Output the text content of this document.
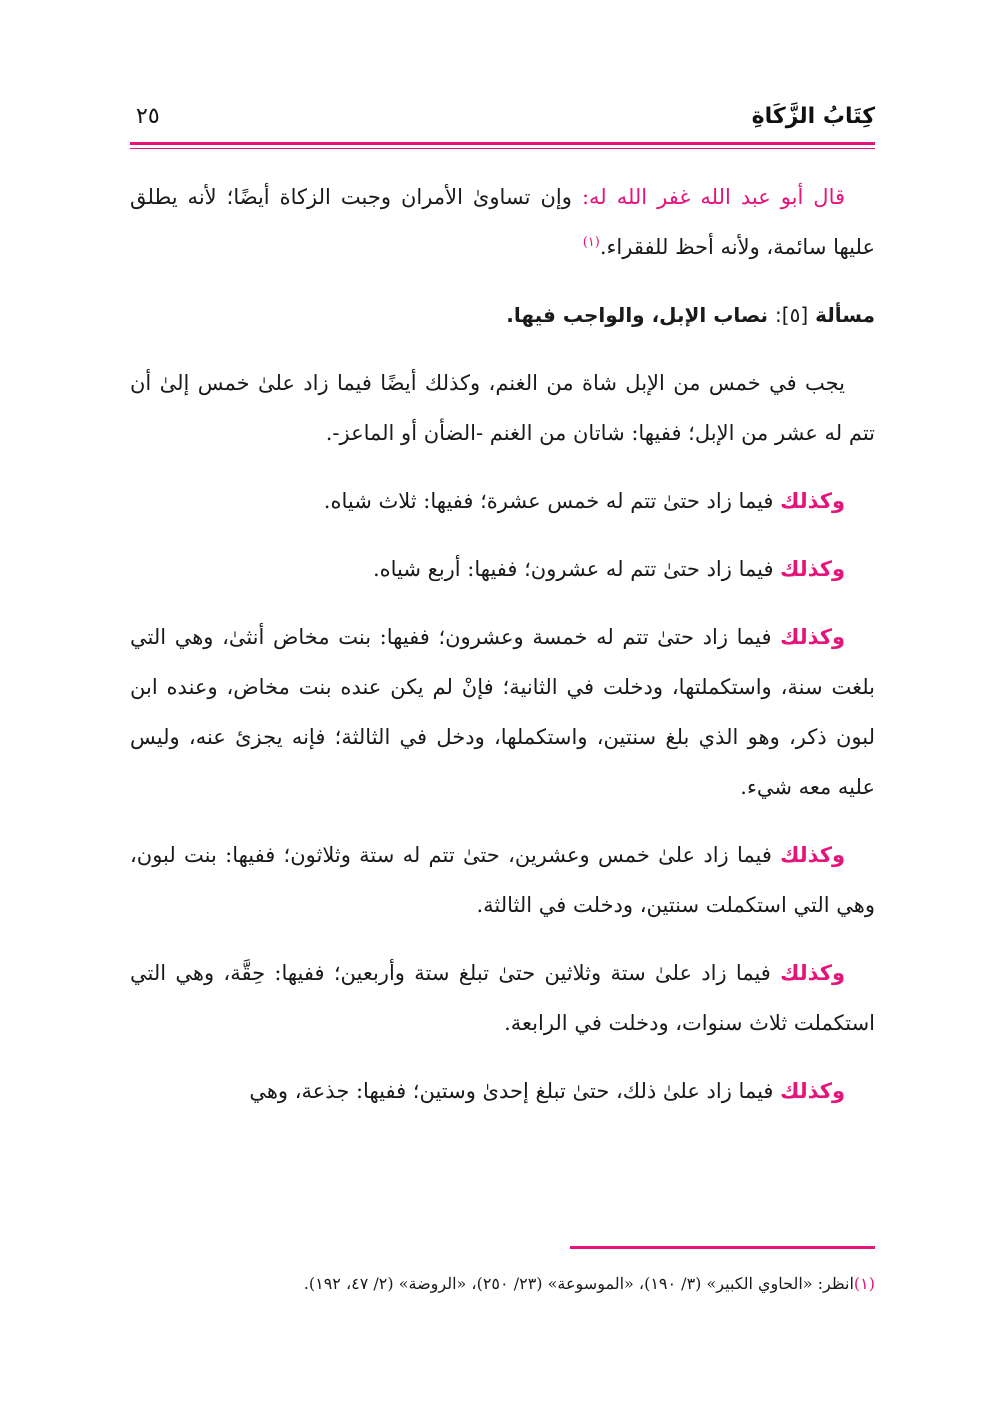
كِتَابُ الزَّكَاةِ
٢٥

قال أبو عبد الله غفر الله له: وإن تساوىٰ الأمران وجبت الزكاة أيضًا؛ لأنه يطلق عليها سائمة، ولأنه أحظ للفقراء.$^{(١)}$

مسألة [٥]: نصاب الإبل، والواجب فيها.

يجب في خمس من الإبل شاة من الغنم، وكذلك أيضًا فيما زاد علىٰ خمس إلىٰ أن تتم له عشر من الإبل؛ ففيها: شاتان من الغنم -الضأن أو الماعز-.

وكذلك فيما زاد حتىٰ تتم له خمس عشرة؛ ففيها: ثلاث شياه.

وكذلك فيما زاد حتىٰ تتم له عشرون؛ ففيها: أربع شياه.

وكذلك فيما زاد حتىٰ تتم له خمسة وعشرون؛ ففيها: بنت مخاض أنثىٰ، وهي التي بلغت سنة، واستكملتها، ودخلت في الثانية؛ فإنْ لم يكن عنده بنت مخاض، وعنده ابن لبون ذكر، وهو الذي بلغ سنتين، واستكملها، ودخل في الثالثة؛ فإنه يجزئ عنه، وليس عليه معه شيء.

وكذلك فيما زاد علىٰ خمس وعشرين، حتىٰ تتم له ستة وثلاثون؛ ففيها: بنت لبون، وهي التي استكملت سنتين، ودخلت في الثالثة.

وكذلك فيما زاد علىٰ ستة وثلاثين حتىٰ تبلغ ستة وأربعين؛ ففيها: حِقَّة، وهي التي استكملت ثلاث سنوات، ودخلت في الرابعة.

وكذلك فيما زاد علىٰ ذلك، حتىٰ تبلغ إحدىٰ وستين؛ ففيها: جذعة، وهي

(١)انظر: «الحاوي الكبير» (٣/ ١٩٠)، «الموسوعة» (٢٣/ ٢٥٠)، «الروضة» (٢/ ٤٧، ١٩٢).
